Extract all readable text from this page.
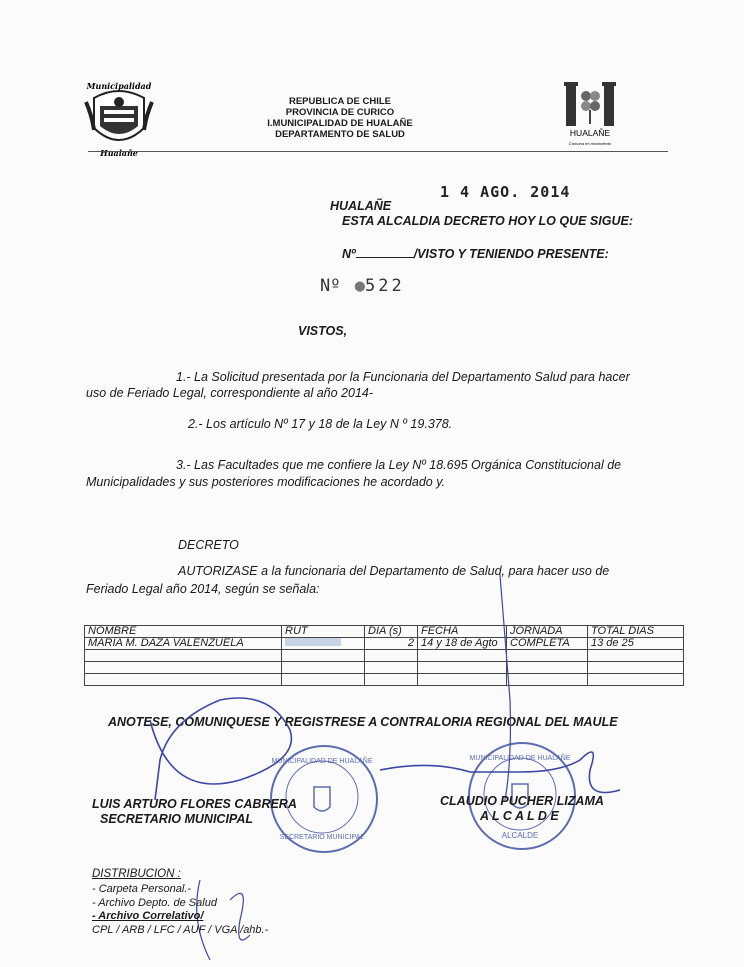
Municipalidad
Hualañe
REPUBLICA DE CHILE
PROVINCIA DE CURICO
I.MUNICIPALIDAD DE HUALAÑE
DEPARTAMENTO DE SALUD	HUALAÑE
Comuna en movimiento
1 4 AGO. 2014
HUALAÑE
ESTA ALCALDIA DECRETO HOY LO QUE SIGUE:
Nº	/VISTO Y TENIENDO PRESENTE:
Nº ●522
VISTOS,
1.- La Solicitud presentada por la Funcionaria del Departamento Salud para hacer
uso de Feriado Legal, correspondiente al año 2014-
2.- Los artículo Nº 17 y 18 de la Ley N º 19.378.
3.- Las Facultades que me confiere la Ley Nº 18.695 Orgánica Constitucional de
Municipalidades y sus posteriores modificaciones he acordado y.
DECRETO
AUTORIZASE a la funcionaria del Departamento de Salud, para hacer uso de
Feriado Legal año 2014, según se señala:
NOMBRE	RUT	DIA (s)	FECHA	JORNADA	TOTAL DIAS
MARIA M. DAZA VALENZUELA		2	14 y 18 de Agto	COMPLETA	13 de 25

ANOTESE, COMUNIQUESE Y REGISTRESE A CONTRALORIA REGIONAL DEL MAULE
MUNICIPALIDAD DE HUALAÑE
SECRETARIO MUNICIPAL
MUNICIPALIDAD DE HUALAÑE
ALCALDE
LUIS ARTURO FLORES CABRERA
SECRETARIO MUNICIPAL
CLAUDIO PUCHER LIZAMA
A L C A L D E
DISTRIBUCION :
- Carpeta Personal.-
- Archivo Depto. de Salud
- Archivo Correlativo/
CPL / ARB / LFC / AUF / VGA /ahb.-
